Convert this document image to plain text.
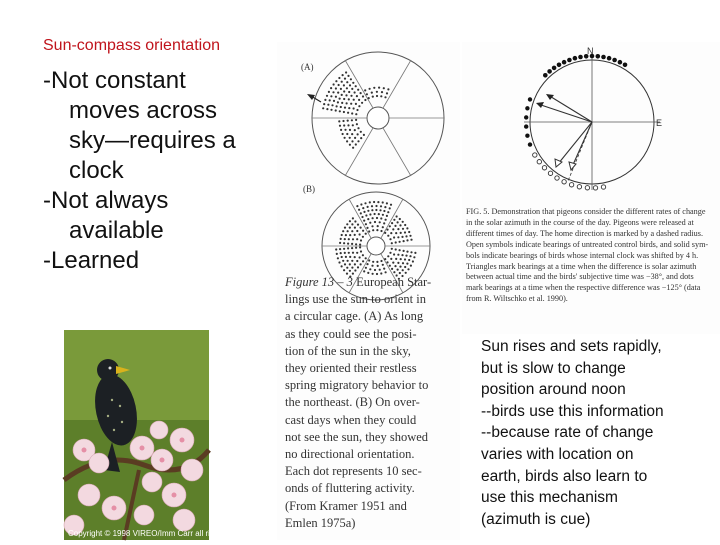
Sun-compass orientation
-Not constant
moves across
sky—requires a
clock
-Not always
available
-Learned
(A)
(B)
Figure 13 – 3 European Star-
lings use the sun to orient in
a circular cage. (A) As long
as they could see the posi-
tion of the sun in the sky,
they oriented their restless
spring migratory behavior to
the northeast. (B) On over-
cast days when they could
not see the sun, they showed
no directional orientation.
Each dot represents 10 sec-
onds of fluttering activity.
(From Kramer 1951 and
Emlen 1975a)
N
E
FIG. 5. Demonstration that pigeons consider the different rates of change
in the solar azimuth in the course of the day. Pigeons were released at
different times of day. The home direction is marked by a dashed radius.
Open symbols indicate bearings of untreated control birds, and solid sym-
bols indicate bearings of birds whose internal clock was shifted by 4 h.
Triangles mark bearings at a time when the difference is solar azimuth
between actual time and the birds' subjective time was −38°, and dots
mark bearings at a time when the respective difference was −125° (data
from R. Wiltschko et al. 1990).
Sun rises and sets rapidly,
but is slow to change
position around noon
--birds use this information
--because rate of change
varies with location on
earth, birds also learn to
use this mechanism
(azimuth is cue)
Copyright © 1998 VIREO/Imm Carr all rights reserved
